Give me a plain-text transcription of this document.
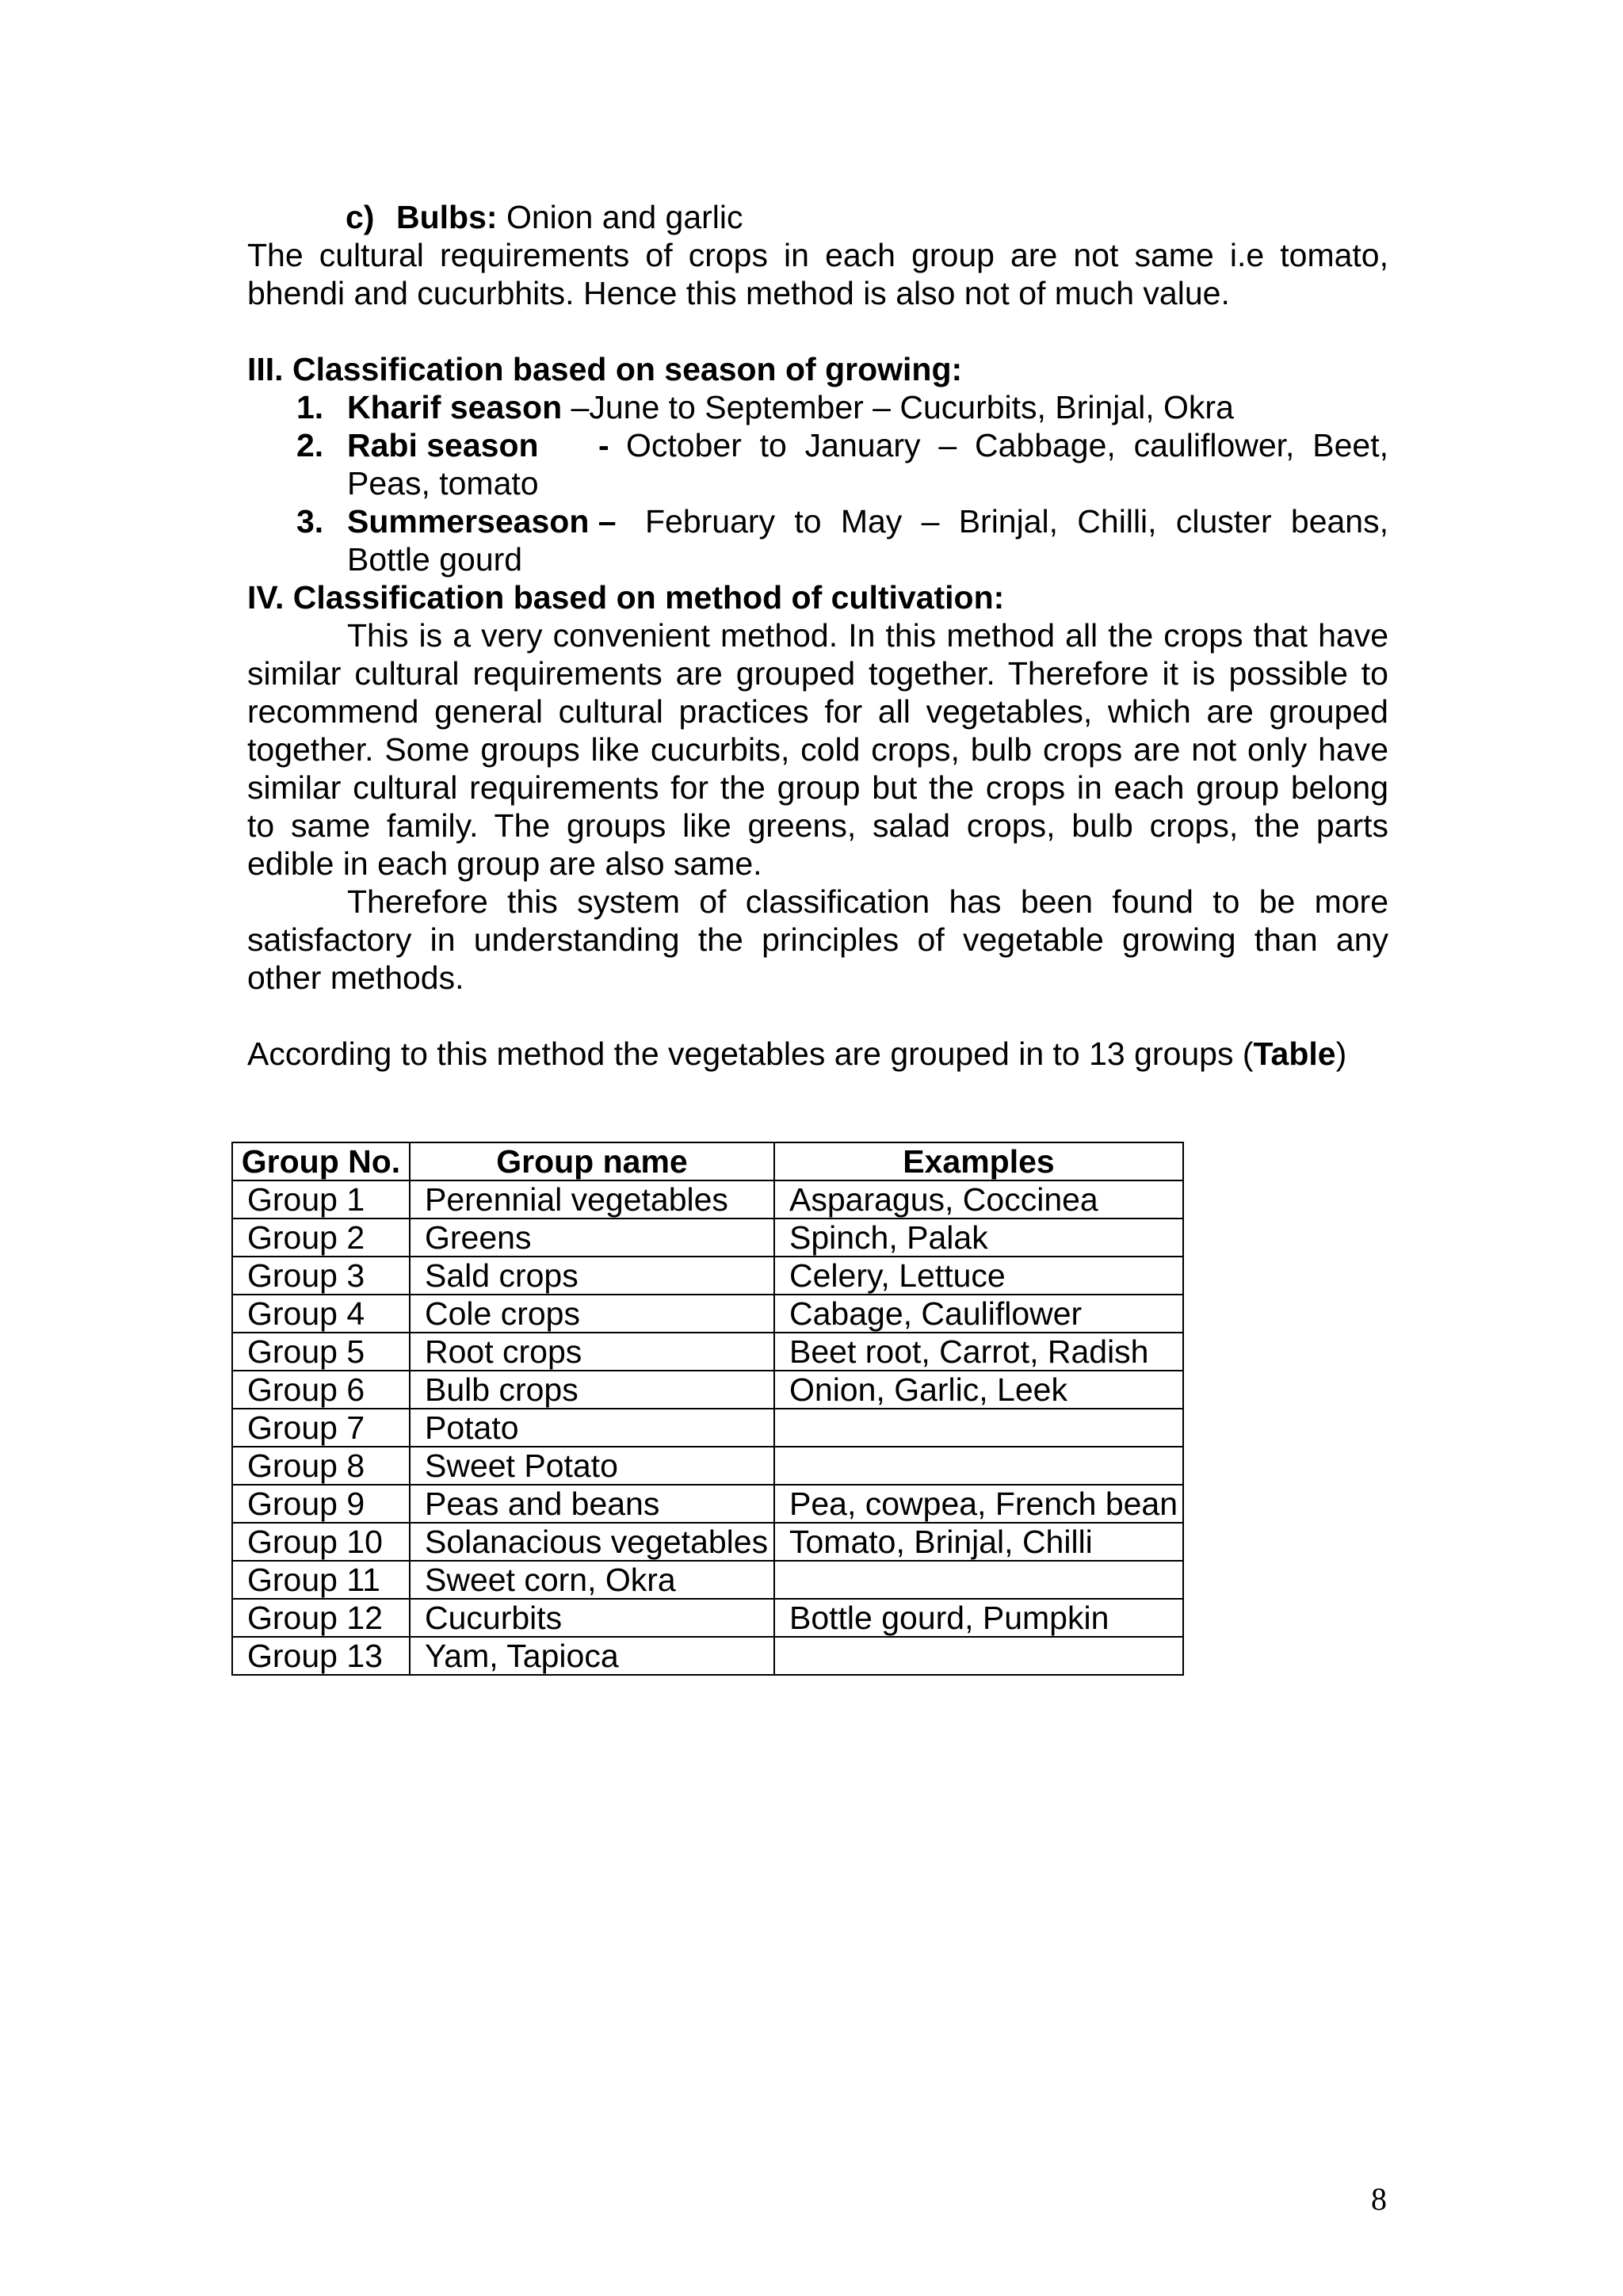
c) Bulbs: Onion and garlic
The cultural requirements of crops in each group are not same i.e tomato,
bhendi and cucurbhits. Hence this method is also not of much value.
III. Classification based on season of growing:
1. Kharif season –June to September – Cucurbits, Brinjal, Okra
2. Rabi season - October to January – Cabbage, cauliflower, Beet,
Peas, tomato
3. Summerseason – February to May – Brinjal, Chilli, cluster beans,
Bottle gourd
IV. Classification based on method of cultivation:
This is a very convenient method. In this method all the crops that have
similar cultural requirements are grouped together. Therefore it is possible to
recommend general cultural practices for all vegetables, which are grouped
together. Some groups like cucurbits, cold crops, bulb crops are not only have
similar cultural requirements for the group but the crops in each group belong
to same family. The groups like greens, salad crops, bulb crops, the parts
edible in each group are also same.
Therefore this system of classification has been found to be more
satisfactory in understanding the principles of vegetable growing than any
other methods.
According to this method the vegetables are grouped in to 13 groups (Table)
Group No.	Group name	Examples
Group 1	Perennial vegetables	Asparagus, Coccinea
Group 2	Greens	Spinch, Palak
Group 3	Sald crops	Celery, Lettuce
Group 4	Cole crops	Cabage, Cauliflower
Group 5	Root crops	Beet root, Carrot, Radish
Group 6	Bulb crops	Onion, Garlic, Leek
Group 7	Potato	
Group 8	Sweet Potato	
Group 9	Peas and beans	Pea, cowpea, French bean
Group 10	Solanacious vegetables	Tomato, Brinjal, Chilli
Group 11	Sweet corn, Okra	
Group 12	Cucurbits	Bottle gourd, Pumpkin
Group 13	Yam, Tapioca	
8
